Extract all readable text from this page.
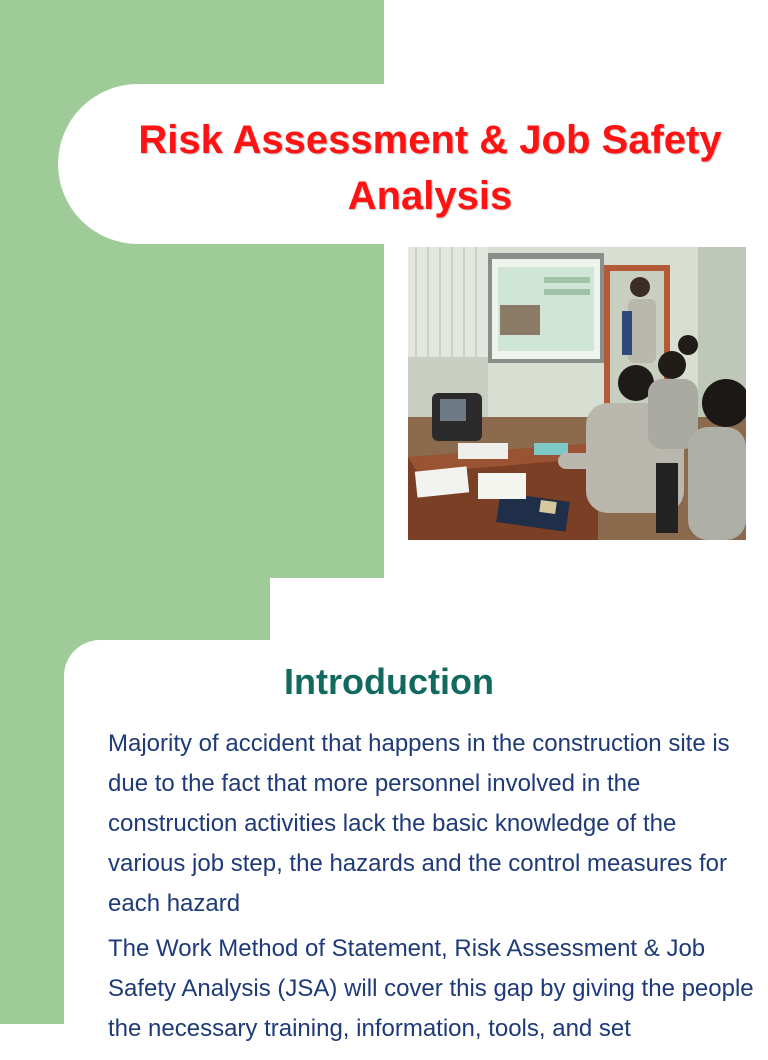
Risk Assessment & Job Safety Analysis
Introduction

Majority of accident that happens in the construction site is due to the fact that more personnel involved in the construction activities lack the basic knowledge of the various job step, the hazards and the control measures for each hazard

The Work Method of Statement, Risk Assessment & Job Safety Analysis (JSA) will cover this gap by giving the people the necessary training, information, tools, and set
